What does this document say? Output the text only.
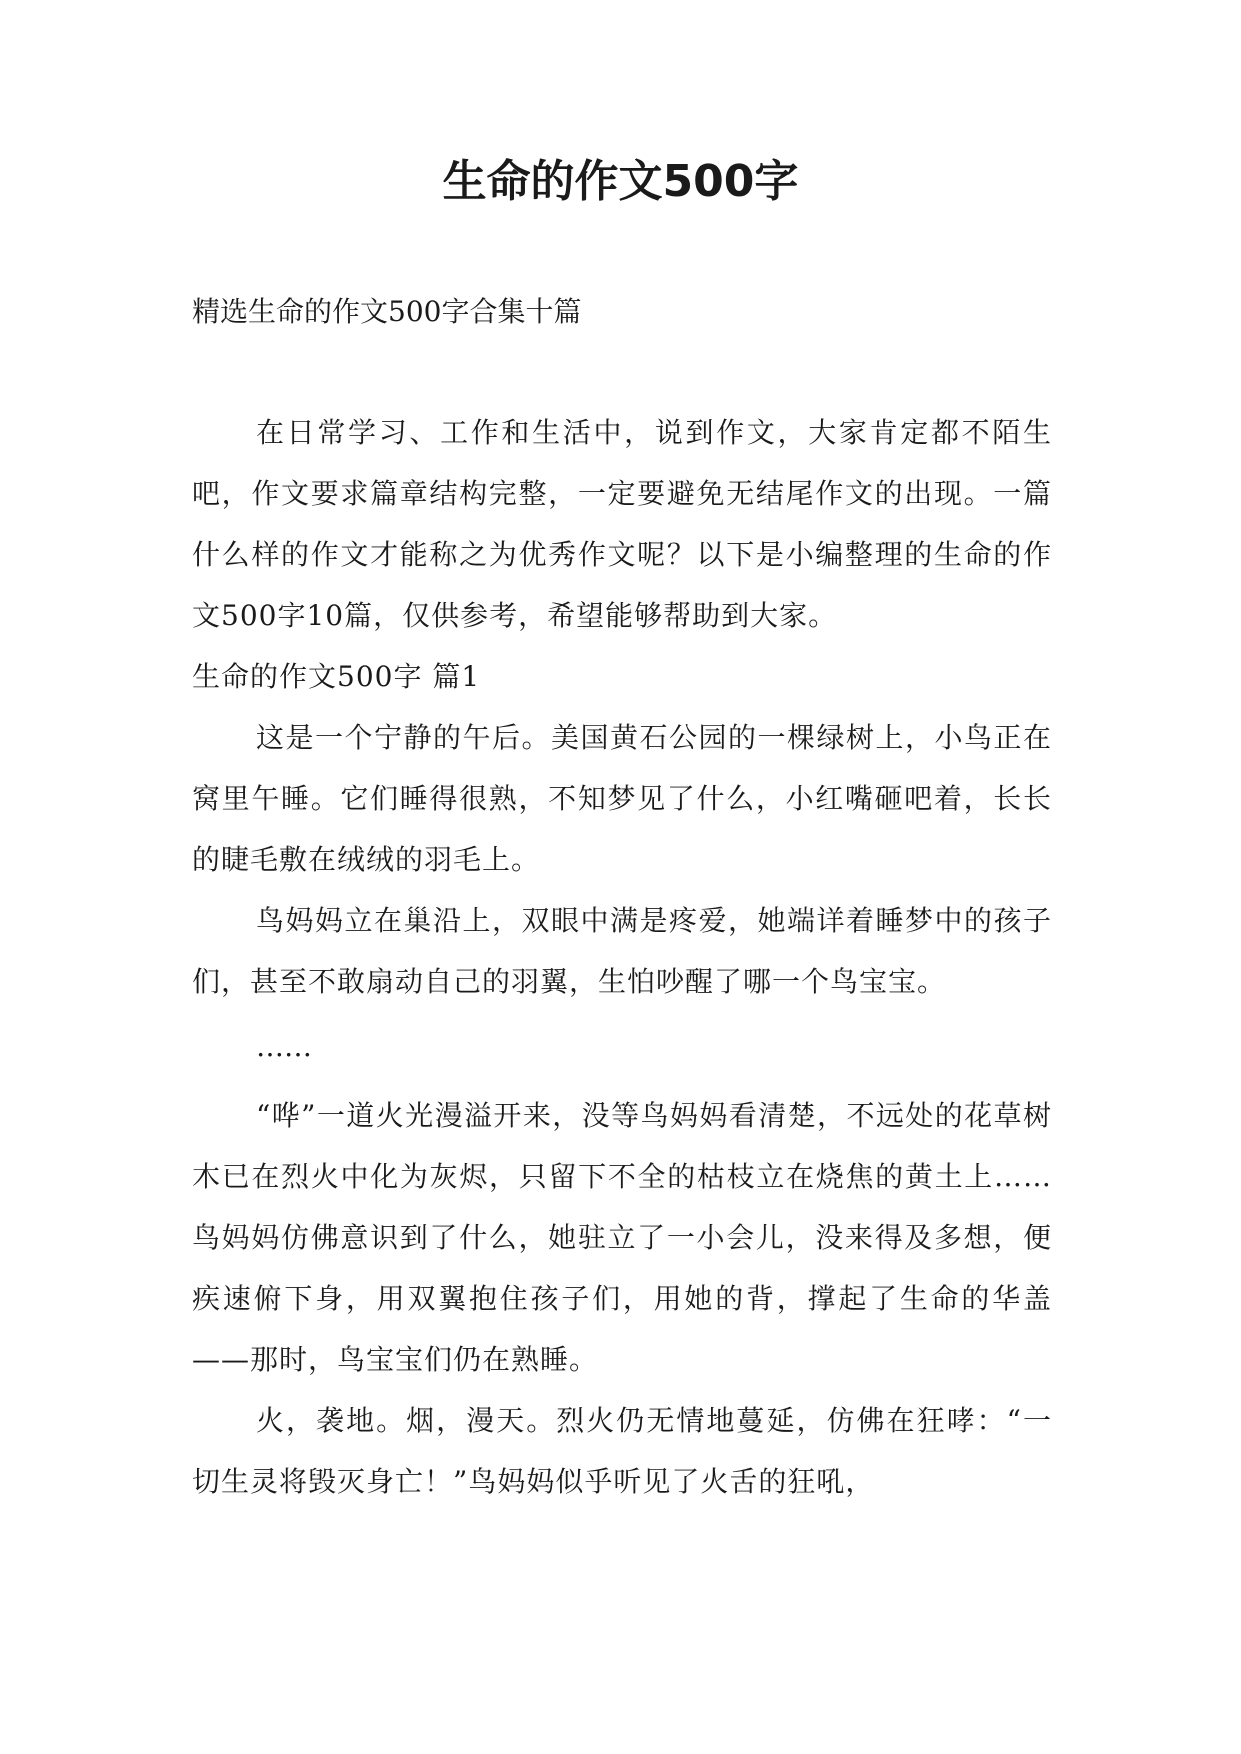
生命的作文500字

精选生命的作文500字合集十篇

在日常学习、工作和生活中，说到作文，大家肯定都不陌生吧，作文要求篇章结构完整，一定要避免无结尾作文的出现。一篇什么样的作文才能称之为优秀作文呢？以下是小编整理的生命的作文500字10篇，仅供参考，希望能够帮助到大家。

生命的作文500字 篇1

这是一个宁静的午后。美国黄石公园的一棵绿树上，小鸟正在窝里午睡。它们睡得很熟，不知梦见了什么，小红嘴砸吧着，长长的睫毛敷在绒绒的羽毛上。

鸟妈妈立在巢沿上，双眼中满是疼爱，她端详着睡梦中的孩子们，甚至不敢扇动自己的羽翼，生怕吵醒了哪一个鸟宝宝。

……

“哗”一道火光漫溢开来，没等鸟妈妈看清楚，不远处的花草树木已在烈火中化为灰烬，只留下不全的枯枝立在烧焦的黄土上……鸟妈妈仿佛意识到了什么，她驻立了一小会儿，没来得及多想，便疾速俯下身，用双翼抱住孩子们，用她的背，撑起了生命的华盖——那时，鸟宝宝们仍在熟睡。

火，袭地。烟，漫天。烈火仍无情地蔓延，仿佛在狂哮：“一切生灵将毁灭身亡！”鸟妈妈似乎听见了火舌的狂吼，
